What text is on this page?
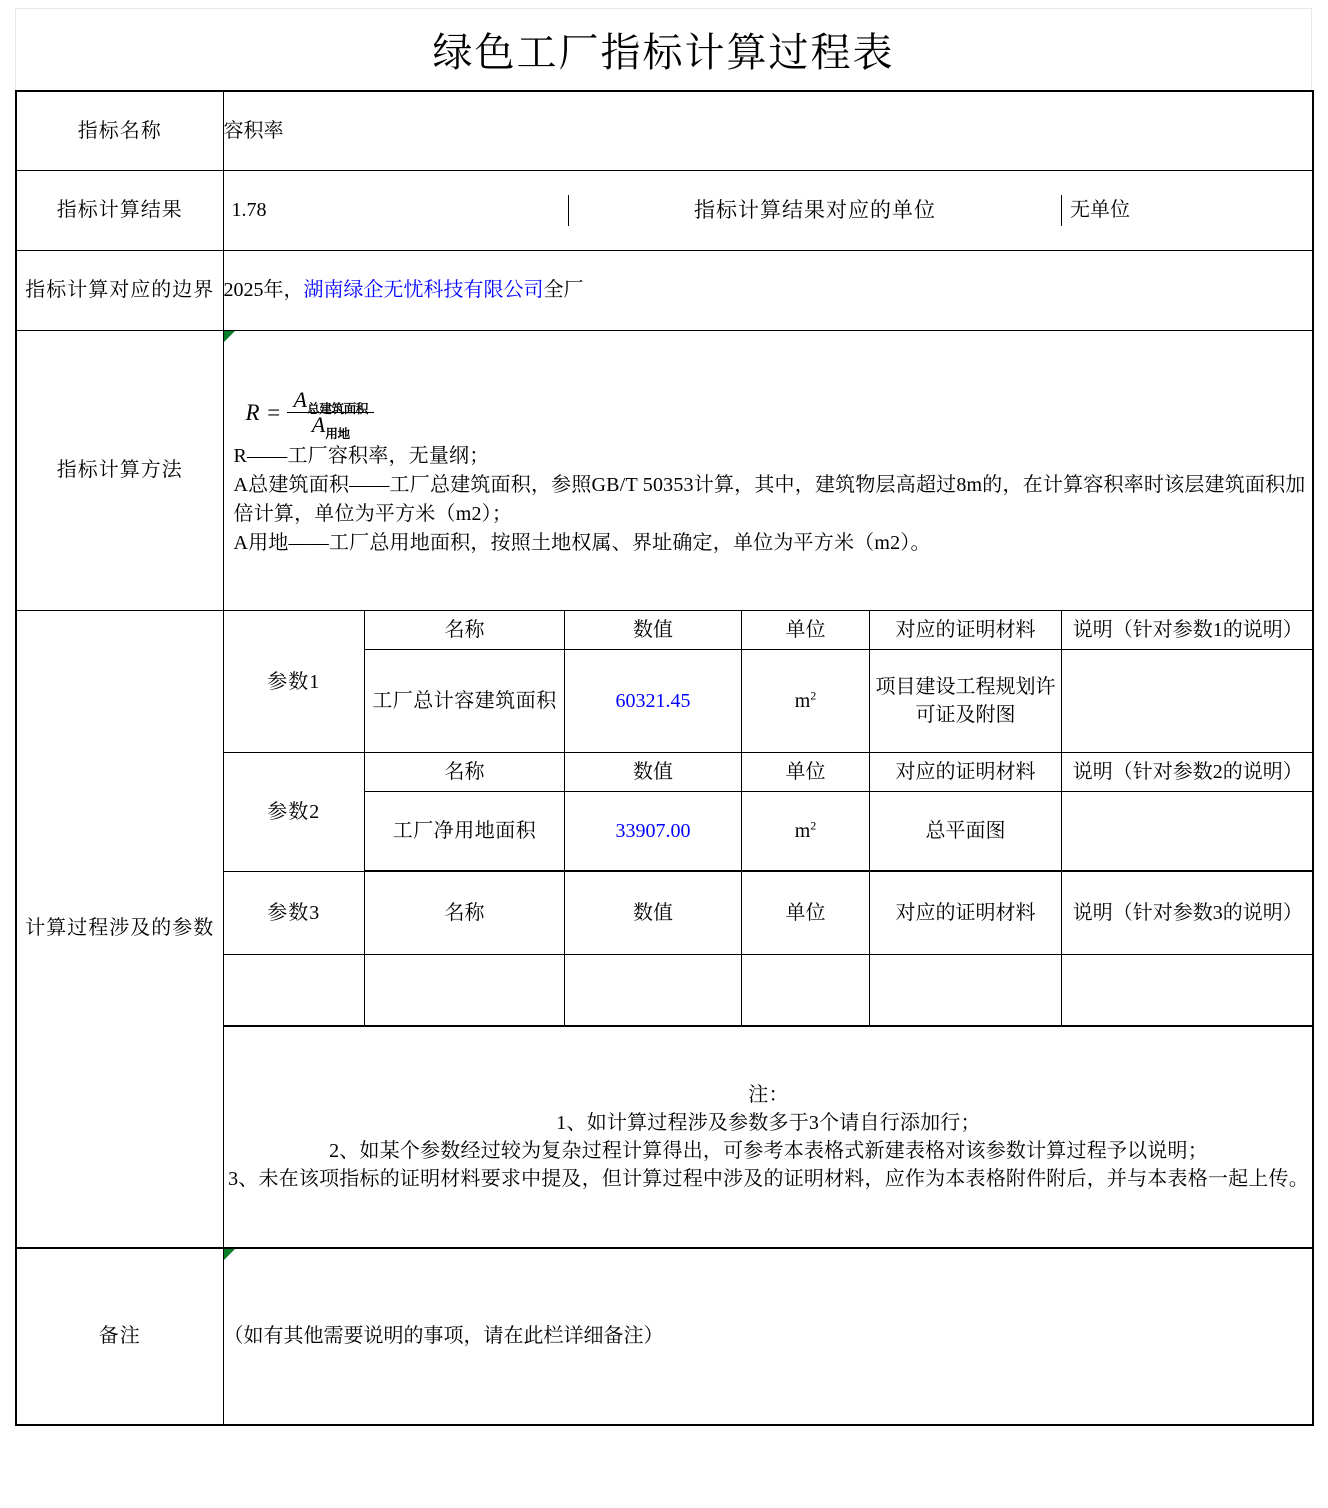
绿色工厂指标计算过程表
指标名称	容积率
指标计算结果	1.78	指标计算结果对应的单位	无单位

指标计算对应的边界	2025年，湖南绿企无忧科技有限公司全厂
指标计算方法	
$R = \frac{\text{A 总建筑面积}}{\text{A 用地}}$

R——工厂容积率，无量纲；

A总建筑面积——工厂总建筑面积，参照GB/T 50353计算，其中，建筑物层高超过8m的，在计算容积率时该层建筑面积加倍计算，单位为平方米（m2）；

A用地——工厂总用地面积，按照土地权属、界址确定，单位为平方米（m2）。

计算过程涉及的参数	
参数1	名称	数值	单位	对应的证明材料	说明（针对参数1的说明）
工厂总计容建筑面积	60321.45	$m^2$	项目建设工程规划许可证及附图	
参数2	名称	数值	单位	对应的证明材料	说明（针对参数2的说明）
工厂净用地面积	33907.00	$m^2$	总平面图	
参数3	名称	数值	单位	对应的证明材料	说明（针对参数3的说明）

注：

1、如计算过程涉及参数多于3个请自行添加行；

2、如某个参数经过较为复杂过程计算得出，可参考本表格式新建表格对该参数计算过程予以说明；

3、未在该项指标的证明材料要求中提及，但计算过程中涉及的证明材料，应作为本表格附件附后，并与本表格一起上传。

备注	（如有其他需要说明的事项，请在此栏详细备注）
